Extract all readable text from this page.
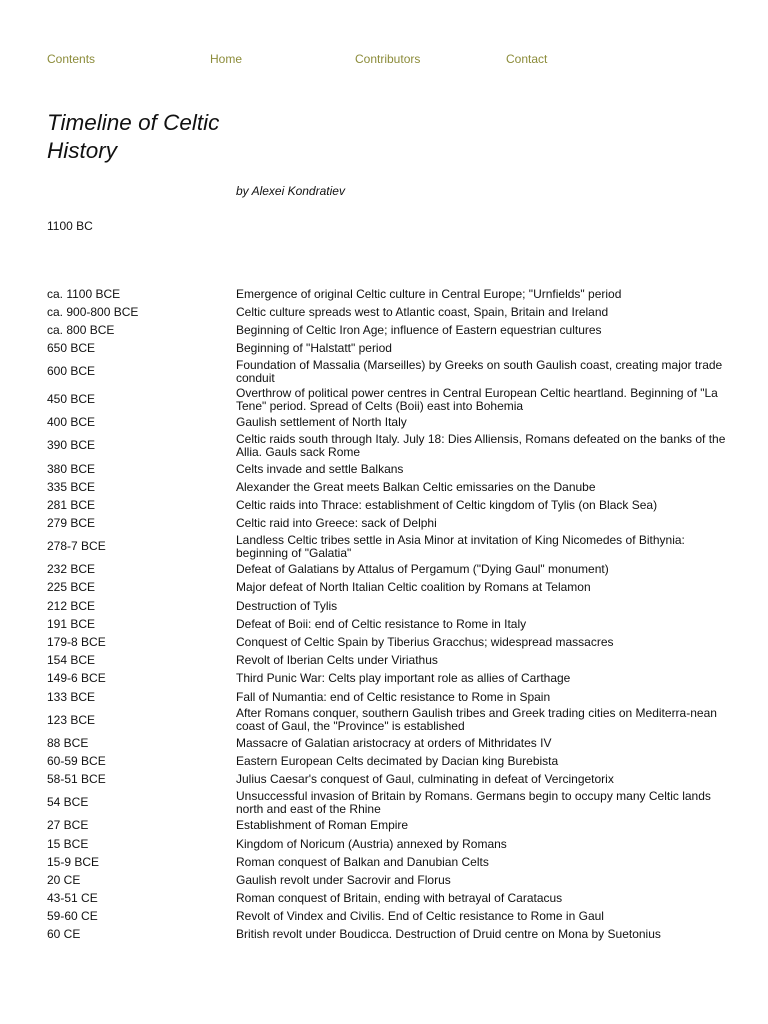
Contents	Home	Contributors	Contact
Timeline of Celtic History
by Alexei Kondratiev
1100 BC
ca. 1100 BCE	Emergence of original Celtic culture in Central Europe; "Urnfields" period
ca. 900-800 BCE	Celtic culture spreads west to Atlantic coast, Spain, Britain and Ireland
ca. 800 BCE	Beginning of Celtic Iron Age; influence of Eastern equestrian cultures
650 BCE	Beginning of "Halstatt" period
600 BCE	Foundation of Massalia (Marseilles) by Greeks on south Gaulish coast, creating major trade conduit
450 BCE	Overthrow of political power centres in Central European Celtic heartland. Beginning of "La Tene" period. Spread of Celts (Boii) east into Bohemia
400 BCE	Gaulish settlement of North Italy
390 BCE	Celtic raids south through Italy. July 18: Dies Alliensis, Romans defeated on the banks of the Allia. Gauls sack Rome
380 BCE	Celts invade and settle Balkans
335 BCE	Alexander the Great meets Balkan Celtic emissaries on the Danube
281 BCE	Celtic raids into Thrace: establishment of Celtic kingdom of Tylis (on Black Sea)
279 BCE	Celtic raid into Greece: sack of Delphi
278-7 BCE	Landless Celtic tribes settle in Asia Minor at invitation of King Nicomedes of Bithynia: beginning of "Galatia"
232 BCE	Defeat of Galatians by Attalus of Pergamum ("Dying Gaul" monument)
225 BCE	Major defeat of North Italian Celtic coalition by Romans at Telamon
212 BCE	Destruction of Tylis
191 BCE	Defeat of Boii: end of Celtic resistance to Rome in Italy
179-8 BCE	Conquest of Celtic Spain by Tiberius Gracchus; widespread massacres
154 BCE	Revolt of Iberian Celts under Viriathus
149-6 BCE	Third Punic War: Celts play important role as allies of Carthage
133 BCE	Fall of Numantia: end of Celtic resistance to Rome in Spain
123 BCE	After Romans conquer, southern Gaulish tribes and Greek trading cities on Mediterra-nean coast of Gaul, the "Province" is established
88 BCE	Massacre of Galatian aristocracy at orders of Mithridates IV
60-59 BCE	Eastern European Celts decimated by Dacian king Burebista
58-51 BCE	Julius Caesar's conquest of Gaul, culminating in defeat of Vercingetorix
54 BCE	Unsuccessful invasion of Britain by Romans. Germans begin to occupy many Celtic lands north and east of the Rhine
27 BCE	Establishment of Roman Empire
15 BCE	Kingdom of Noricum (Austria) annexed by Romans
15-9 BCE	Roman conquest of Balkan and Danubian Celts
20 CE	Gaulish revolt under Sacrovir and Florus
43-51 CE	Roman conquest of Britain, ending with betrayal of Caratacus
59-60 CE	Revolt of Vindex and Civilis. End of Celtic resistance to Rome in Gaul
60 CE	British revolt under Boudicca. Destruction of Druid centre on Mona by Suetonius
